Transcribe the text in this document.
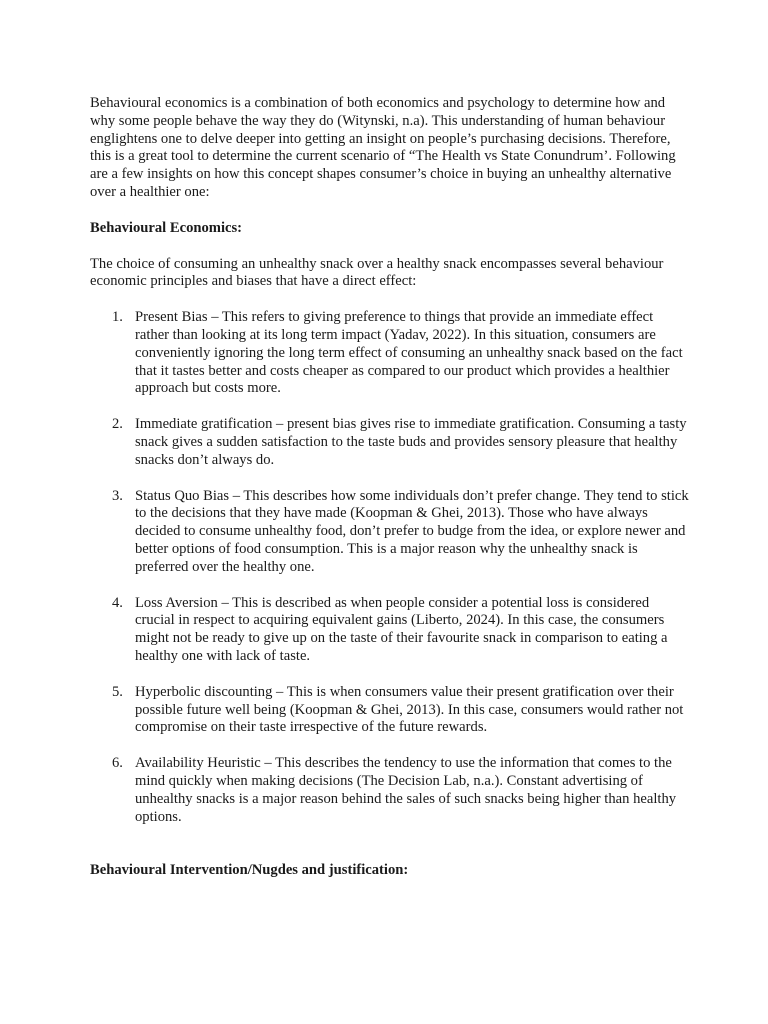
Behavioural economics is a combination of both economics and psychology to determine how and why some people behave the way they do (Witynski, n.a). This understanding of human behaviour englightens one to delve deeper into getting an insight on people’s purchasing decisions. Therefore, this is a great tool to determine the current scenario of “The Health vs State Conundrum’. Following are a few insights on how this concept shapes consumer’s choice in buying an unhealthy alternative over a healthier one:

Behavioural Economics:

The choice of consuming an unhealthy snack over a healthy snack encompasses several behaviour economic principles and biases that have a direct effect:

1. Present Bias – This refers to giving preference to things that provide an immediate effect rather than looking at its long term impact (Yadav, 2022). In this situation, consumers are conveniently ignoring the long term effect of consuming an unhealthy snack based on the fact that it tastes better and costs cheaper as compared to our product which provides a healthier approach but costs more.
2. Immediate gratification – present bias gives rise to immediate gratification. Consuming a tasty snack gives a sudden satisfaction to the taste buds and provides sensory pleasure that healthy snacks don’t always do.
3. Status Quo Bias – This describes how some individuals don’t prefer change. They tend to stick to the decisions that they have made (Koopman & Ghei, 2013). Those who have always decided to consume unhealthy food, don’t prefer to budge from the idea, or explore newer and better options of food consumption. This is a major reason why the unhealthy snack is preferred over the healthy one.
4. Loss Aversion – This is described as when people consider a potential loss is considered crucial in respect to acquiring equivalent gains (Liberto, 2024). In this case, the consumers might not be ready to give up on the taste of their favourite snack in comparison to eating a healthy one with lack of taste.
5. Hyperbolic discounting – This is when consumers value their present gratification over their possible future well being (Koopman & Ghei, 2013). In this case, consumers would rather not compromise on their taste irrespective of the future rewards.
6. Availability Heuristic – This describes the tendency to use the information that comes to the mind quickly when making decisions (The Decision Lab, n.a.). Constant advertising of unhealthy snacks is a major reason behind the sales of such snacks being higher than healthy options.

Behavioural Intervention/Nugdes and justification:
